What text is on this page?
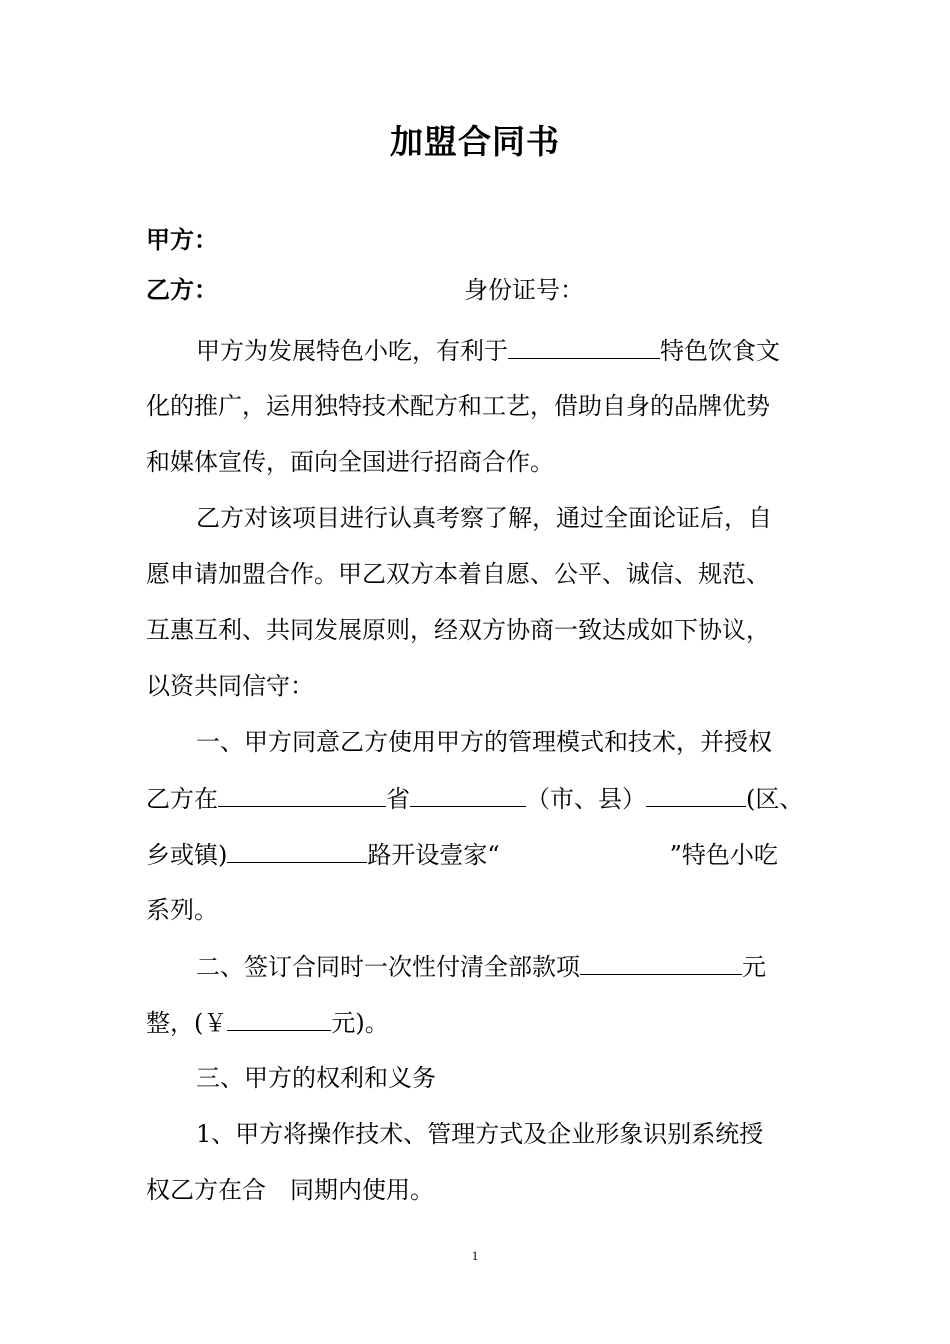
加盟合同书
甲方：
乙方：	身份证号：
甲方为发展特色小吃，有利于	特色饮食文
化的推广，运用独特技术配方和工艺，借助自身的品牌优势
和媒体宣传，面向全国进行招商合作。
乙方对该项目进行认真考察了解，通过全面论证后，自
愿申请加盟合作。甲乙双方本着自愿、公平、诚信、规范、
互惠互利、共同发展原则，经双方协商一致达成如下协议，
以资共同信守：
一、甲方同意乙方使用甲方的管理模式和技术，并授权
乙方在	省	（市、县）	(区、
乡或镇)	路开设壹家“	”特色小吃
系列。
二、签订合同时一次性付清全部款项	元
整，(￥	元)。
三、甲方的权利和义务
1、甲方将操作技术、管理方式及企业形象识别系统授
权乙方在合　同期内使用。
1
